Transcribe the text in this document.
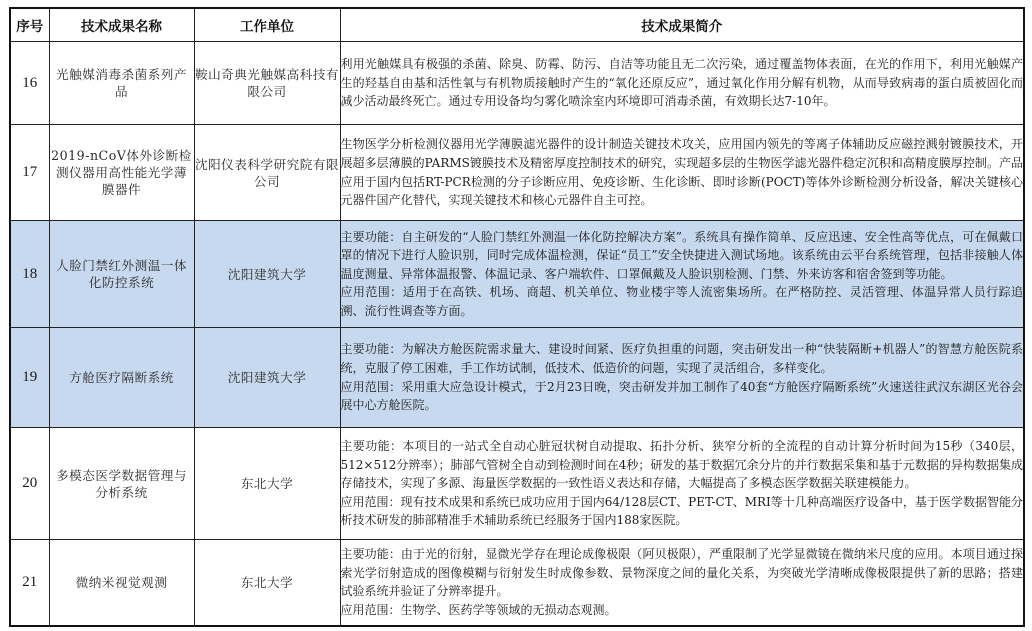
序号	技术成果名称	工作单位	技术成果简介
16	光触媒消毒杀菌系列产品	鞍山奇典光触媒高科技有限公司	利用光触媒具有极强的杀菌、除臭、防霉、防污、自洁等功能且无二次污染，通过覆盖物体表面，在光的作用下，利用光触媒产生的羟基自由基和活性氧与有机物质接触时产生的“氧化还原反应”，通过氧化作用分解有机物，从而导致病毒的蛋白质被固化而减少活动最终死亡。通过专用设备均匀雾化喷涂室内环境即可消毒杀菌，有效期长达7-10年。

17	2019-nCoV体外诊断检测仪器用高性能光学薄膜器件	沈阳仪表科学研究院有限公司	生物医学分析检测仪器用光学薄膜滤光器件的设计制造关键技术攻关，应用国内领先的等离子体辅助反应磁控溅射镀膜技术，开展超多层薄膜的PARMS镀膜技术及精密厚度控制技术的研究，实现超多层的生物医学滤光器件稳定沉积和高精度膜厚控制。产品应用于国内包括RT-PCR检测的分子诊断应用、免疫诊断、生化诊断、即时诊断(POCT)等体外诊断检测分析设备，解决关键核心元器件国产化替代，实现关键技术和核心元器件自主可控。

18	人脸门禁红外测温一体化防控系统	沈阳建筑大学	主要功能：自主研发的“人脸门禁红外测温一体化防控解决方案”。系统具有操作简单、反应迅速、安全性高等优点，可在佩戴口罩的情况下进行人脸识别，同时完成体温检测，保证“员工”安全快捷进入测试场地。该系统由云平台系统管理，包括非接触人体温度测量、异常体温报警、体温记录、客户端软件、口罩佩戴及人脸识别检测、门禁、外来访客和宿舍签到等功能。

应用范围：适用于在高铁、机场、商超、机关单位、物业楼宇等人流密集场所。在严格防控、灵活管理、体温异常人员行踪追溯、流行性调查等方面。

19	方舱医疗隔断系统	沈阳建筑大学	主要功能：为解决方舱医院需求量大、建设时间紧、医疗负担重的问题，突击研发出一种“快装隔断+机器人”的智慧方舱医院系统，克服了停工困难，手工作坊试制，低技术、低造价的问题，实现了灵活组合，多样变化。

应用范围：采用重大应急设计模式，于2月23日晚，突击研发并加工制作了40套“方舱医疗隔断系统”火速送往武汉东湖区光谷会展中心方舱医院。

20	多模态医学数据管理与分析系统	东北大学	主要功能：本项目的一站式全自动心脏冠状树自动提取、拓扑分析、狭窄分析的全流程的自动计算分析时间为15秒（340层，512×512分辨率）；肺部气管树全自动到检测时间在4秒；研发的基于数据冗余分片的并行数据采集和基于元数据的异构数据集成存储技术，实现了多源、海量医学数据的一致性语义表达和存储，大幅提高了多模态医学数据关联建模能力。

应用范围：现有技术成果和系统已成功应用于国内64/128层CT、PET-CT、MRI等十几种高端医疗设备中，基于医学数据智能分析技术研发的肺部精准手术辅助系统已经服务于国内188家医院。

21	微纳米视觉观测	东北大学	主要功能：由于光的衍射，显微光学存在理论成像极限（阿贝极限），严重限制了光学显微镜在微纳米尺度的应用。本项目通过探索光学衍射造成的图像模糊与衍射发生时成像参数、景物深度之间的量化关系，为突破光学清晰成像极限提供了新的思路；搭建试验系统并验证了分辨率提升。

应用范围：生物学、医药学等领域的无损动态观测。
